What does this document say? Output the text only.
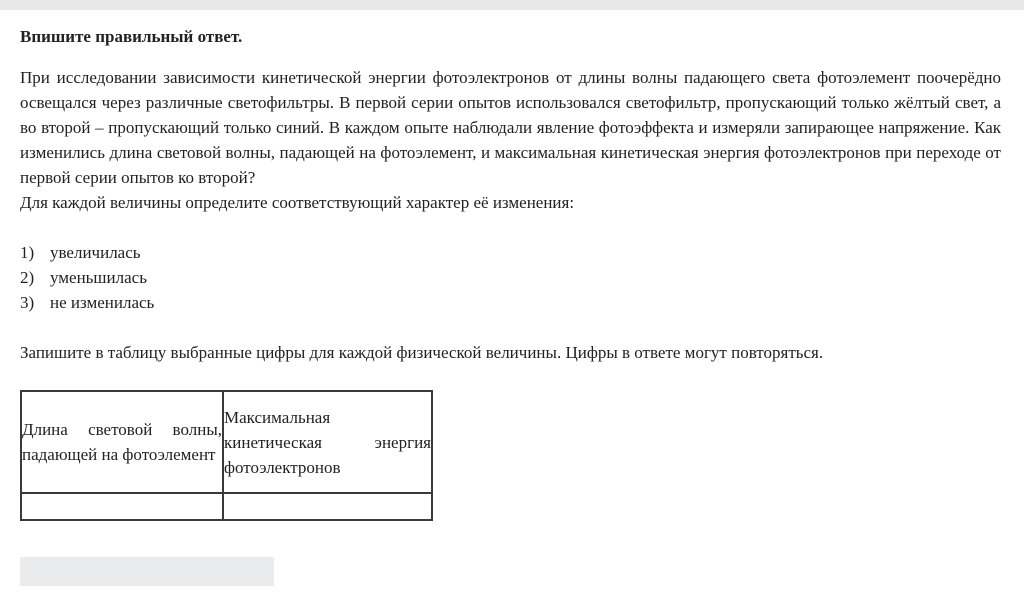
Впишите правильный ответ.

При исследовании зависимости кинетической энергии фотоэлектронов от длины волны падающего света фотоэлемент поочерёдно освещался через различные светофильтры. В первой серии опытов использовался светофильтр, пропускающий только жёлтый свет, а во второй – пропускающий только синий. В каждом опыте наблюдали явление фотоэффекта и измеряли запирающее напряжение. Как изменились длина световой волны, падающей на фотоэлемент, и максимальная кинетическая энергия фотоэлектронов при переходе от первой серии опытов ко второй?

Для каждой величины определите соответствующий характер её изменения:

1) увеличилась
2) уменьшилась
3) не изменилась

Запишите в таблицу выбранные цифры для каждой физической величины. Цифры в ответе могут повторяться.

Длина световой волны, падающей на фотоэлемент	Максимальная кинетическая энергия фотоэлектронов
